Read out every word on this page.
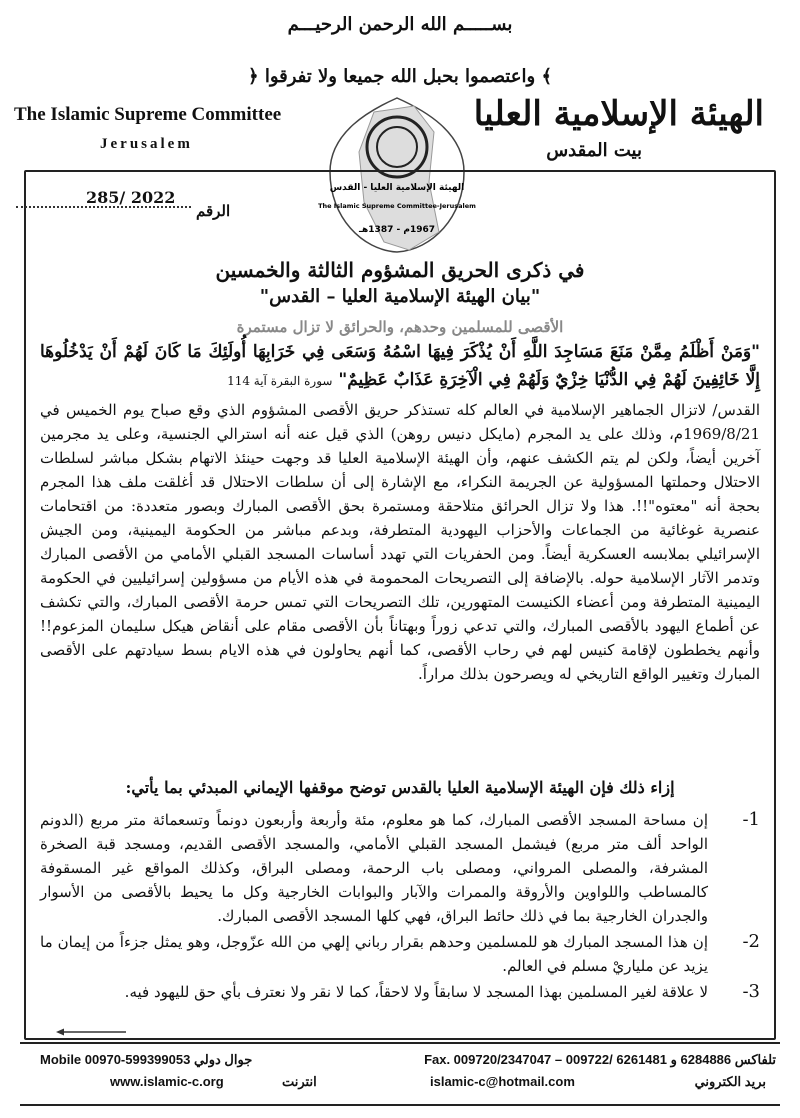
بســـــم الله الرحمن الرحيـــم
﴿ واعتصموا بحبل الله جميعا ولا تفرقوا ﴾
The Islamic Supreme Committee
Jerusalem
الهيئة الإسلامية العليا
بيت المقدس
الهيئة الإسلامية العليا - القدس
The Islamic Supreme Committee-Jerusalem
1967م - 1387هـ
285/ 2022
الرقم
في ذكرى الحريق المشؤوم الثالثة والخمسين
"بيان الهيئة الإسلامية العليا – القدس"
الأقصى للمسلمين وحدهم، والحرائق لا تزال مستمرة
"وَمَنْ أَظْلَمُ مِمَّنْ مَنَعَ مَسَاجِدَ اللَّهِ أَنْ يُذْكَرَ فِيهَا اسْمُهُ وَسَعَى فِي خَرَابِهَا أُولَئِكَ مَا كَانَ لَهُمْ أَنْ يَدْخُلُوهَا إِلَّا خَائِفِينَ لَهُمْ فِي الدُّنْيَا خِزْيٌ وَلَهُمْ فِي الْآخِرَةِ عَذَابٌ عَظِيمٌ" سورة البقرة آية 114
القدس/ لاتزال الجماهير الإسلامية في العالم كله تستذكر حريق الأقصى المشؤوم الذي وقع صباح يوم الخميس في 1969/8/21م، وذلك على يد المجرم (مايكل دنيس روهن) الذي قيل عنه أنه استرالي الجنسية، وعلى يد مجرمين آخرين أيضاً، ولكن لم يتم الكشف عنهم، وأن الهيئة الإسلامية العليا قد وجهت حينئذ الاتهام بشكل مباشر لسلطات الاحتلال وحملتها المسؤولية عن الجريمة النكراء، مع الإشارة إلى أن سلطات الاحتلال قد أغلقت ملف هذا المجرم بحجة أنه "معتوه"!!. هذا ولا تزال الحرائق متلاحقة ومستمرة بحق الأقصى المبارك وبصور متعددة: من اقتحامات عنصرية غوغائية من الجماعات والأحزاب اليهودية المتطرفة، وبدعم مباشر من الحكومة اليمينية، ومن الجيش الإسرائيلي بملابسه العسكرية أيضاً. ومن الحفريات التي تهدد أساسات المسجد القبلي الأمامي من الأقصى المبارك وتدمر الآثار الإسلامية حوله. بالإضافة إلى التصريحات المحمومة في هذه الأيام من مسؤولين إسرائيليين في الحكومة اليمينية المتطرفة ومن أعضاء الكنيست المتهورين، تلك التصريحات التي تمس حرمة الأقصى المبارك، والتي تكشف عن أطماع اليهود بالأقصى المبارك، والتي تدعي زوراً وبهتاناً بأن الأقصى مقام على أنقاض هيكل سليمان المزعوم!! وأنهم يخططون لإقامة كنيس لهم في رحاب الأقصى، كما أنهم يحاولون في هذه الايام بسط سيادتهم على الأقصى المبارك وتغيير الواقع التاريخي له ويصرحون بذلك مراراً.
إزاء ذلك فإن الهيئة الإسلامية العليا بالقدس توضح موقفها الإيماني المبدئي بما يأتي:
1-
إن مساحة المسجد الأقصى المبارك، كما هو معلوم، مئة وأربعة وأربعون دونماً وتسعمائة متر مربع (الدونم الواحد ألف متر مربع) فيشمل المسجد القبلي الأمامي، والمسجد الأقصى القديم، ومسجد قبة الصخرة المشرفة، والمصلى المرواني، ومصلى باب الرحمة، ومصلى البراق، وكذلك المواقع غير المسقوفة كالمساطب واللواوين والأروقة والممرات والآبار والبوابات الخارجية وكل ما يحيط بالأقصى من الأسوار والجدران الخارجية بما في ذلك حائط البراق، فهي كلها المسجد الأقصى المبارك.
2-
إن هذا المسجد المبارك هو للمسلمين وحدهم بقرار رباني إلهي من الله عزّوجل، وهو يمثل جزءاً من إيمان ما يزيد عن ملياريْ مسلم في العالم.
3-
لا علاقة لغير المسلمين بهذا المسجد لا سابقاً ولا لاحقاً، كما لا نقر ولا نعترف بأي حق لليهود فيه.
جوال دولي Mobile 00970-599399053	تلفاكس 6284886 و 6261481 /009722 – Fax. 009720/2347047
www.islamic-c.org	انترنت	islamic-c@hotmail.com	بريد الكتروني
